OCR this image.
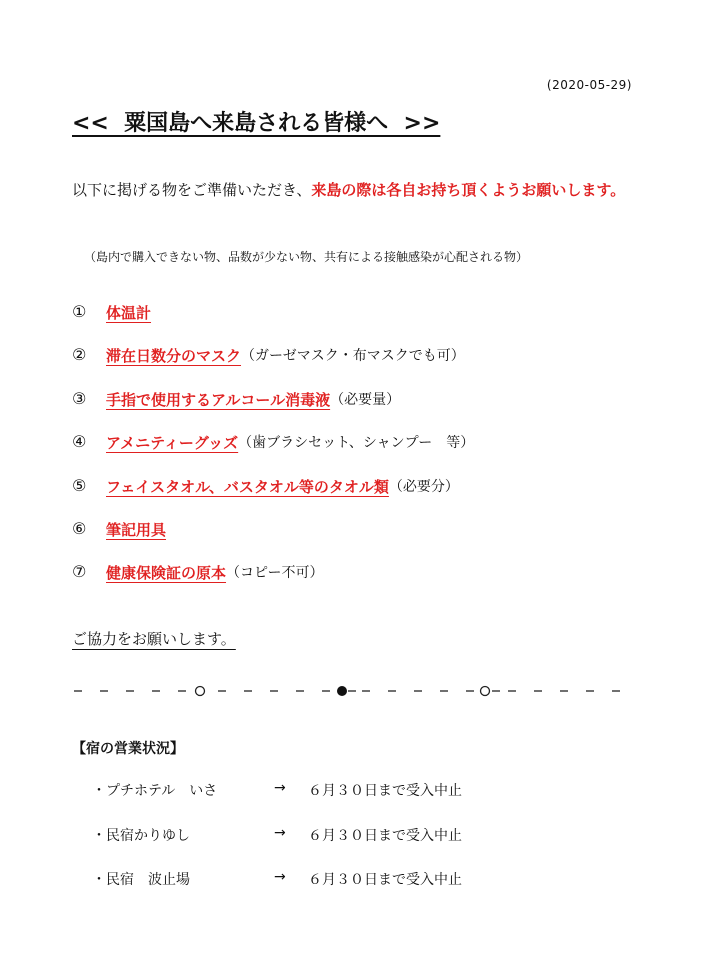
(2020-05-29)
<<  粟国島へ来島される皆様へ  >>
以下に掲げる物をご準備いただき、来島の際は各自お持ち頂くようお願いします。
（島内で購入できない物、品数が少ない物、共有による接触感染が心配される物）
①	体温計
②	滞在日数分のマスク （ガーゼマスク・布マスクでも可）
③	手指で使用するアルコール消毒液 （必要量）
④	アメニティーグッズ （歯ブラシセット、シャンプー　等）
⑤	フェイスタオル、バスタオル等のタオル類 （必要分）
⑥	筆記用具
⑦	健康保険証の原本 （コピー不可）
ご協力をお願いします。
【宿の営業状況】
・プチホテル　いさ	→	６月３０日まで受入中止
・民宿かりゆし	→	６月３０日まで受入中止
・民宿　波止場	→	６月３０日まで受入中止
